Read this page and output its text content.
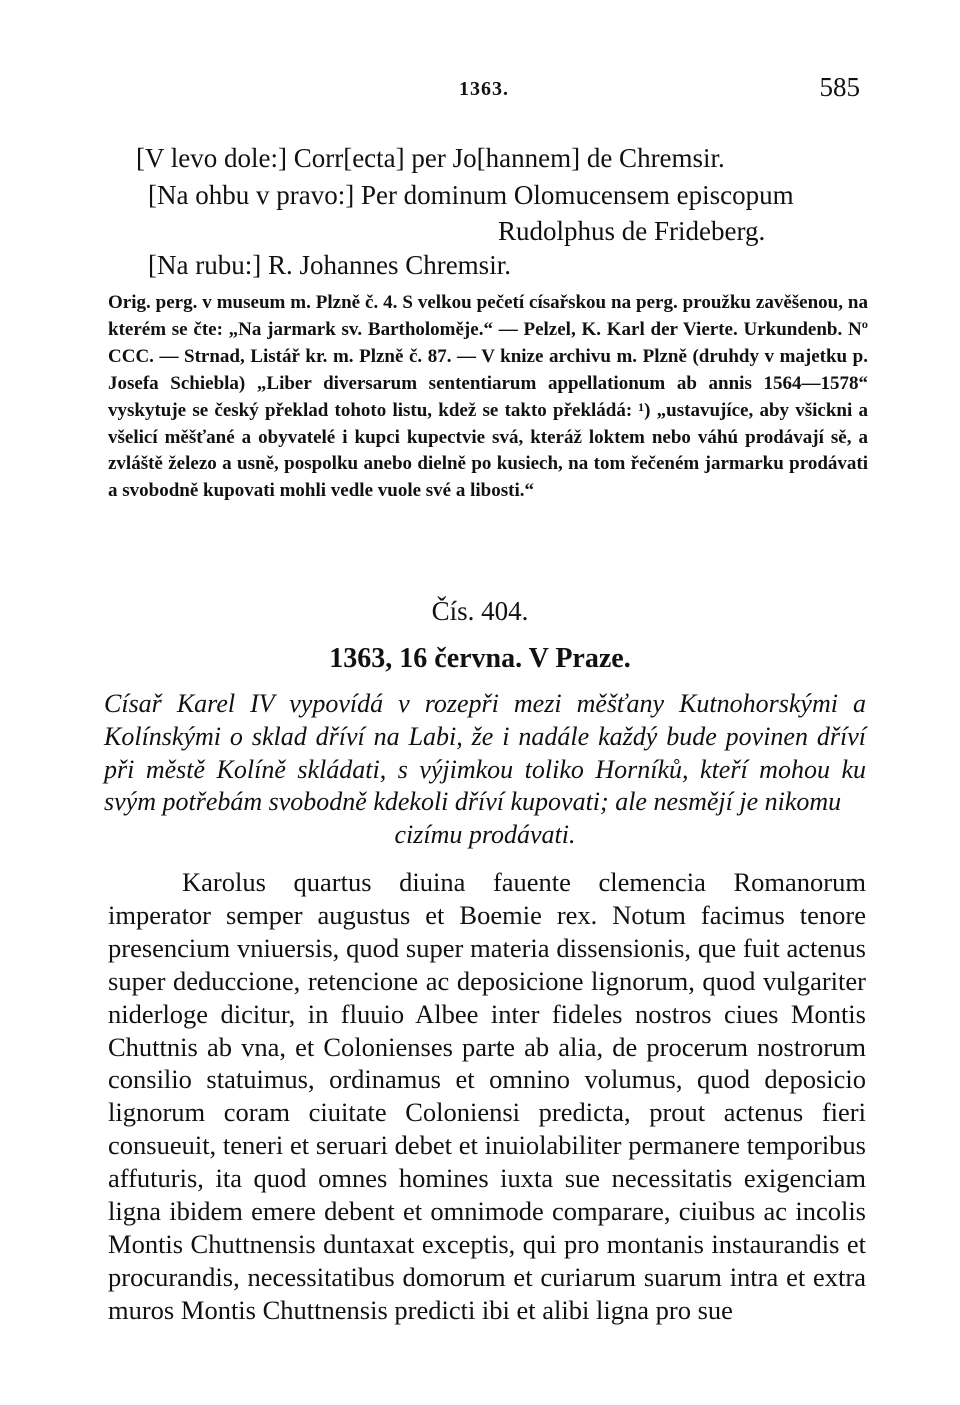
1363.	585
[V levo dole:] Corr[ecta] per Jo[hannem] de Chremsir.
[Na ohbu v pravo:] Per dominum Olomucensem episcopum
Rudolphus de Frideberg.
[Na rubu:] R. Johannes Chremsir.
Orig. perg. v museum m. Plzně č. 4. S velkou pečetí císařskou na perg. proužku zavěšenou, na kterém se čte: „Na jarmark sv. Bartholoměje.“ — Pelzel, K. Karl der Vierte. Urkundenb. Nº CCC. — Strnad, Listář kr. m. Plzně č. 87. — V knize archivu m. Plzně (druhdy v majetku p. Josefa Schiebla) „Liber diversarum sententiarum appellationum ab annis 1564—1578“ vyskytuje se český překlad tohoto listu, kdež se takto překládá: ¹) „ustavujíce, aby všickni a všelicí měšťané a obyvatelé i kupci kupectvie svá, kteráž loktem nebo váhú prodávají sě, a zvláště železo a usně, pospolku anebo dielně po kusiech, na tom řečeném jarmarku prodávati a svobodně kupovati mohli vedle vuole své a libosti.“
Čís. 404.
1363, 16 června. V Praze.
Císař Karel IV vypovídá v rozepři mezi měšťany Kutnohorskými a Kolínskými o sklad dříví na Labi, že i nadále každý bude povinen dříví při městě Kolíně skládati, s výjimkou toliko Horníků, kteří mohou ku svým potřebám svobodně kdekoli dříví kupovati; ale nesmějí je nikomu
cizímu prodávati.

Karolus quartus diuina fauente clemencia Romanorum imperator semper augustus et Boemie rex. Notum facimus tenore presencium vniuersis, quod super materia dissensionis, que fuit actenus super deduccione, retencione ac deposicione lignorum, quod vulgariter niderloge dicitur, in fluuio Albee inter fideles nostros ciues Montis Chuttnis ab vna, et Colonienses parte ab alia, de procerum nostrorum consilio statuimus, ordinamus et omnino volumus, quod deposicio lignorum coram ciuitate Coloniensi predicta, prout actenus fieri consueuit, teneri et seruari debet et inuiolabiliter permanere temporibus affuturis, ita quod omnes homines iuxta sue necessitatis exigenciam ligna ibidem emere debent et omnimode comparare, ciuibus ac incolis Montis Chuttnensis duntaxat exceptis, qui pro montanis instaurandis et procurandis, necessitatibus domorum et curiarum suarum intra et extra muros Montis Chuttnensis predicti ibi et alibi ligna pro sue
